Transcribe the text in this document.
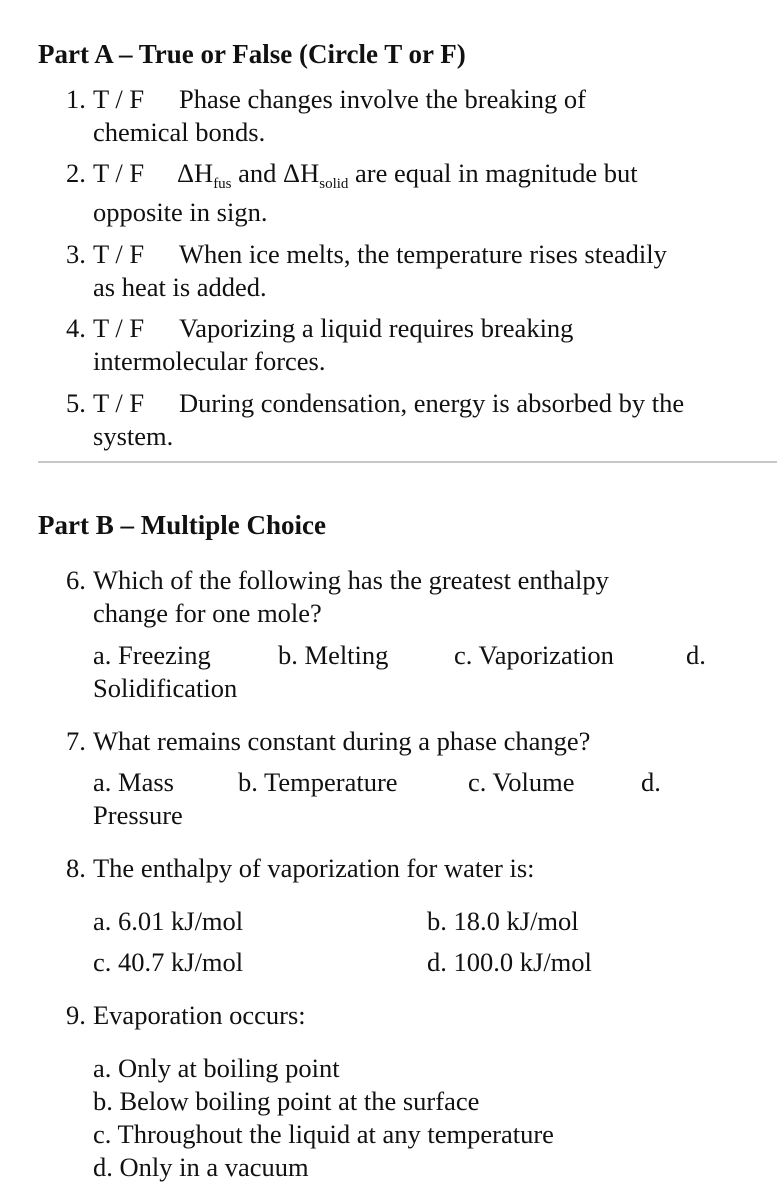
Part A – True or False (Circle T or F)
1. T / F Phase changes involve the breaking of
chemical bonds.
2. T / F $\Delta H_{fus}$ and $\Delta H_{solid}$ are equal in magnitude but
opposite in sign.
3. T / F When ice melts, the temperature rises steadily
as heat is added.
4. T / F Vaporizing a liquid requires breaking
intermolecular forces.
5. T / F During condensation, energy is absorbed by the
system.
Part B – Multiple Choice
6. Which of the following has the greatest enthalpy
change for one mole?
a. Freezing	b. Melting c. Vaporization	d.
Solidification
7. What remains constant during a phase change?
a. Mass b. Temperature	c. Volume	d.
Pressure
8. The enthalpy of vaporization for water is:
a. 6.01 kJ/mol	b. 18.0 kJ/mol
c. 40.7 kJ/mol	d. 100.0 kJ/mol
9. Evaporation occurs:
a. Only at boiling point
b. Below boiling point at the surface
c. Throughout the liquid at any temperature
d. Only in a vacuum
